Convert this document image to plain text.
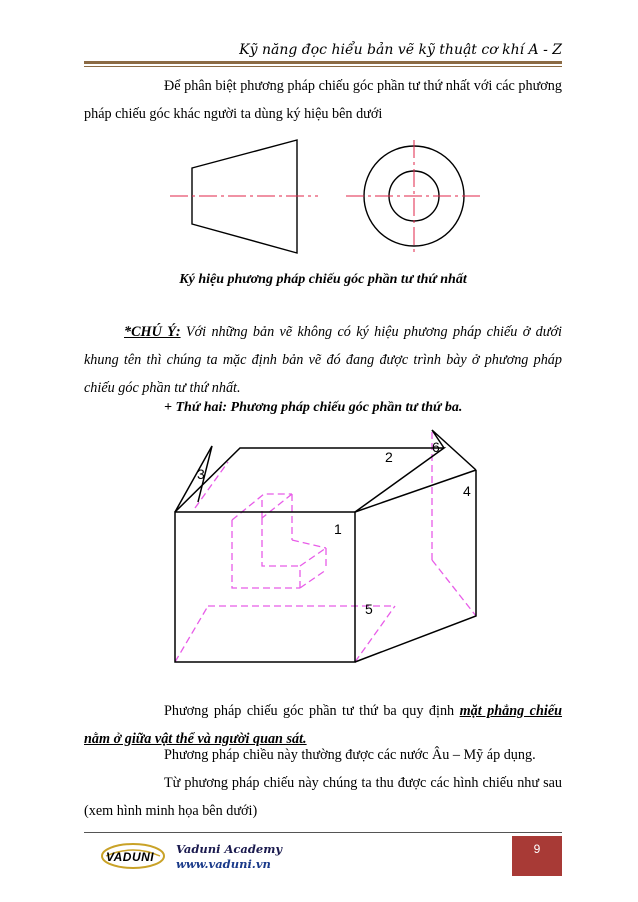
Kỹ năng đọc hiểu bản vẽ kỹ thuật cơ khí A - Z

Để phân biệt phương pháp chiếu góc phần tư thứ nhất với các phương pháp chiếu góc khác người ta dùng ký hiệu bên dưới

Ký hiệu phương pháp chiếu góc phần tư thứ nhất

*CHÚ Ý: Với những bản vẽ không có ký hiệu phương pháp chiếu ở dưới khung tên thì chúng ta mặc định bản vẽ đó đang được trình bày ở phương pháp chiếu góc phần tư thứ nhất.

+ Thứ hai: Phương pháp chiếu góc phần tư thứ ba.
1
2
3
4
5
6

Phương pháp chiếu góc phần tư thứ ba quy định mặt phẳng chiếu nằm ở giữa vật thể và người quan sát.

Phương pháp chiều này thường được các nước Âu – Mỹ áp dụng.

Từ phương pháp chiếu này chúng ta thu được các hình chiếu như sau (xem hình minh họa bên dưới)

VADUNI
Vaduni Academy
www.vaduni.vn
9
